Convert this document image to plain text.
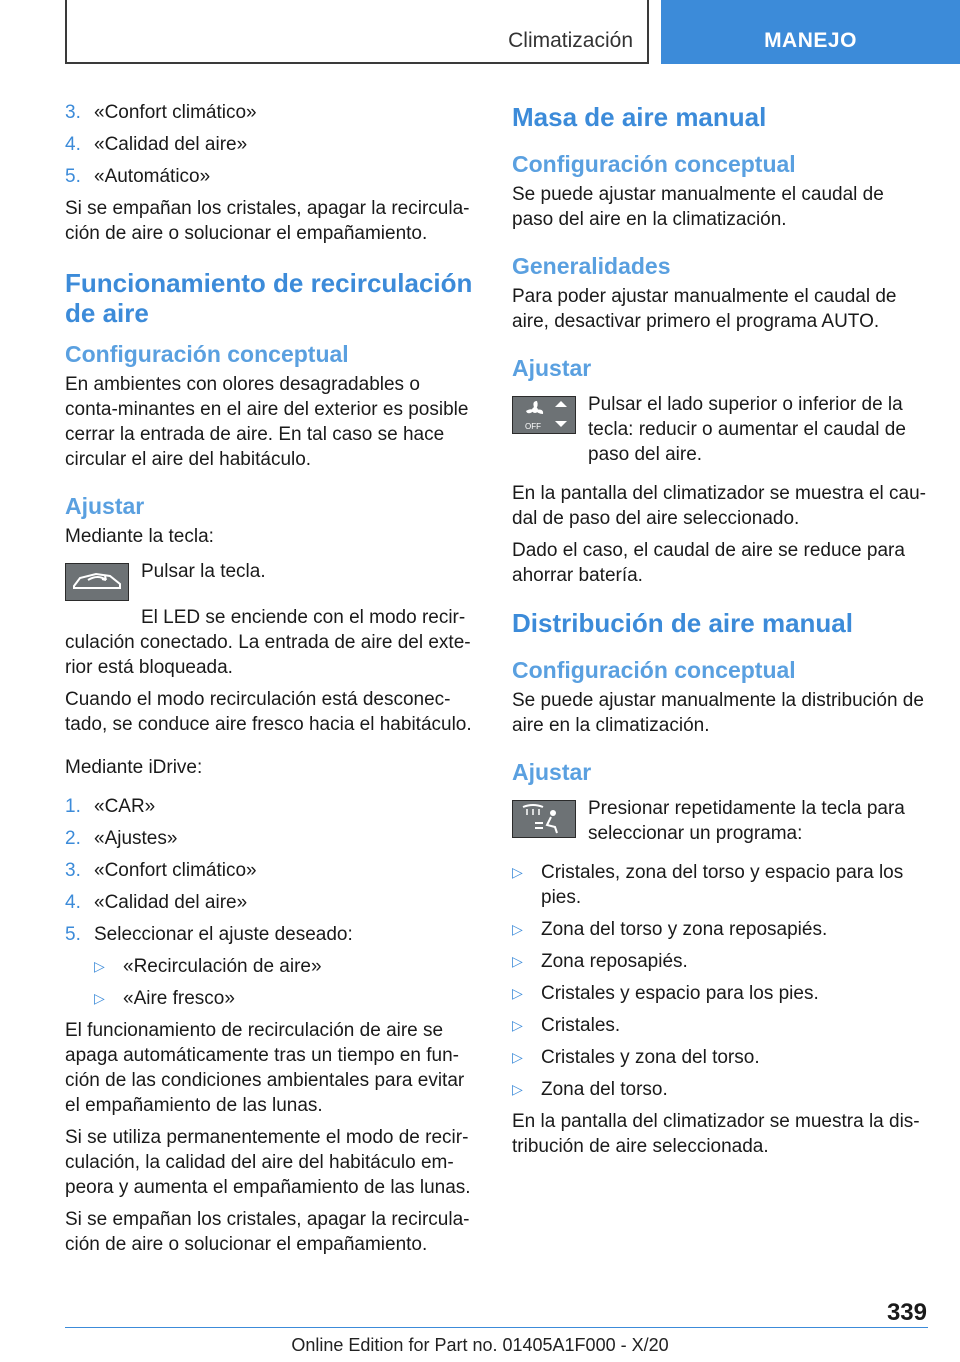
Climatización	MANEJO
3. «Confort climático»
4. «Calidad del aire»
5. «Automático»

Si se empañan los cristales, apagar la recircula-ción de aire o solucionar el empañamiento.

Funcionamiento de recirculación de aire
Configuración conceptual

En ambientes con olores desagradables o conta-minantes en el aire del exterior es posible cerrar la entrada de aire. En tal caso se hace circular el aire del habitáculo.

Ajustar

Mediante la tecla:

Pulsar la tecla.

El LED se enciende con el modo recir-culación conectado. La entrada de aire del exte-rior está bloqueada.

Cuando el modo recirculación está desconec-tado, se conduce aire fresco hacia el habitáculo.

Mediante iDrive:

1. «CAR»
2. «Ajustes»
3. «Confort climático»
4. «Calidad del aire»
5. Seleccionar el ajuste deseado:
▷ «Recirculación de aire»
▷ «Aire fresco»

El funcionamiento de recirculación de aire se apaga automáticamente tras un tiempo en fun-ción de las condiciones ambientales para evitar el empañamiento de las lunas.

Si se utiliza permanentemente el modo de recir-culación, la calidad del aire del habitáculo em-peora y aumenta el empañamiento de las lunas.

Si se empañan los cristales, apagar la recircula-ción de aire o solucionar el empañamiento.

Masa de aire manual
Configuración conceptual

Se puede ajustar manualmente el caudal de paso del aire en la climatización.

Generalidades

Para poder ajustar manualmente el caudal de aire, desactivar primero el programa AUTO.

Ajustar
OFF
Pulsar el lado superior o inferior de la tecla: reducir o aumentar el caudal de paso del aire.

En la pantalla del climatizador se muestra el cau-dal de paso del aire seleccionado.

Dado el caso, el caudal de aire se reduce para ahorrar batería.

Distribución de aire manual
Configuración conceptual

Se puede ajustar manualmente la distribución de aire en la climatización.

Ajustar
Presionar repetidamente la tecla para seleccionar un programa:
▷ Cristales, zona del torso y espacio para los pies.
▷ Zona del torso y zona reposapiés.
▷ Zona reposapiés.
▷ Cristales y espacio para los pies.
▷ Cristales.
▷ Cristales y zona del torso.
▷ Zona del torso.

En la pantalla del climatizador se muestra la dis-tribución de aire seleccionada.

339
Online Edition for Part no. 01405A1F000 - X/20
